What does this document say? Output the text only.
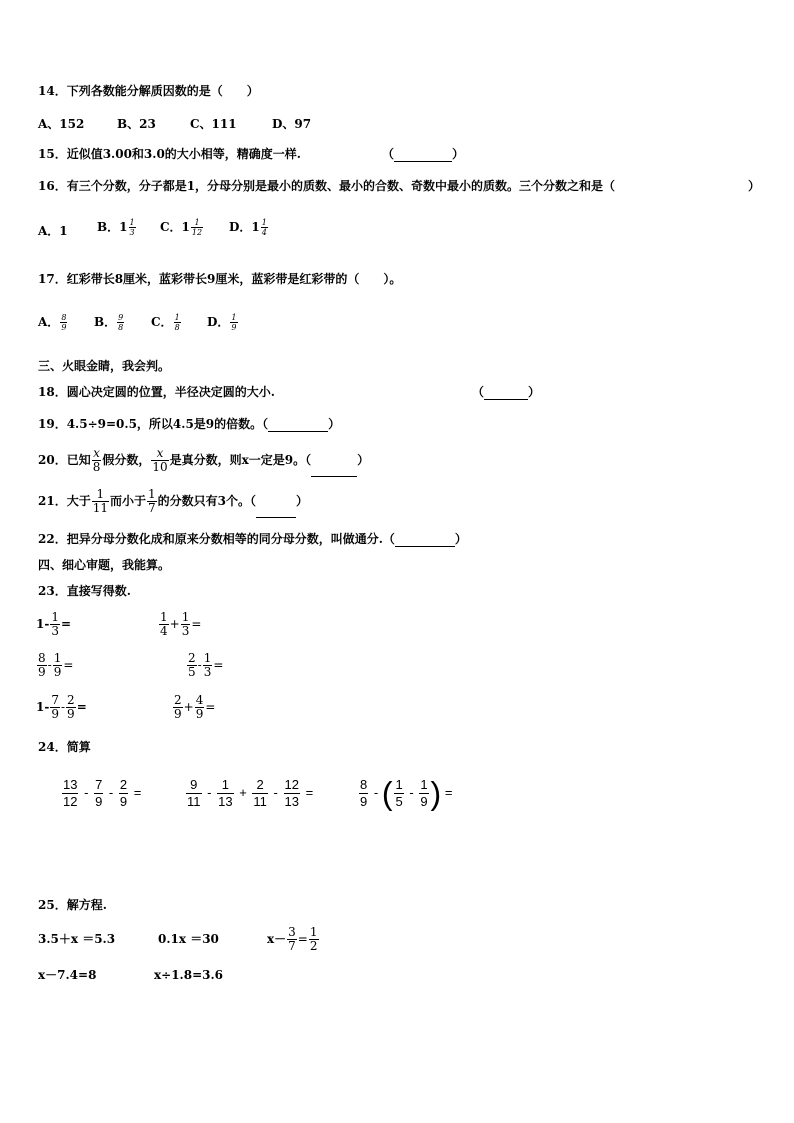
14．下列各数能分解质因数的是（　　）
A、152	B、23	C、111	D、97
15．近似值3.00和3.0的大小相等，精确度一样.	（	）
16．有三个分数，分子都是1，分母分别是最小的质数、最小的合数、奇数中最小的质数。三个分数之和是（	）
A．1 B．$1 \frac{1}{3}$ C．$1 \frac{1}{12}$ D．$1 \frac{1}{4}$
17．红彩带长8厘米，蓝彩带长9厘米，蓝彩带是红彩带的（　　）。
A． $\frac{8}{9}$ B． $\frac{9}{8}$ C． $\frac{1}{8}$ D． $\frac{1}{9}$
三、火眼金睛，我会判。
18．圆心决定圆的位置，半径决定圆的大小.	（	）
19．4.5÷9=0.5，所以4.5是9的倍数。（	）
20．已知 $\frac{x}{8}$ 假分数， $\frac{x}{10}$ 是真分数，则x一定是9。（	）
21．大于 $\frac{1}{11}$ 而小于 $\frac{1}{7}$ 的分数只有3个。（	）
22．把异分母分数化成和原来分数相等的同分母分数，叫做通分.（	）
四、细心审题，我能算。
23．直接写得数.
$1- \frac{1}{3}$ =	$\frac{1}{4} + \frac{1}{3}$ =
$\frac{8}{9} - \frac{1}{9}$ =	$\frac{2}{5} - \frac{1}{3}$ =
$1- \frac{7}{9} - \frac{2}{9}$ =	$\frac{2}{9} + \frac{4}{9}$ =
24．简算
$\frac{13}{12} - \frac{7}{9} - \frac{2}{9}$ =	$\frac{9}{11} - \frac{1}{13} + \frac{2}{11} - \frac{12}{13}$ =	$\frac{8}{9}$ - ( $\frac{1}{5} - \frac{1}{9}$ ) =
25．解方程.
3.5＋x ＝5.3	0.1x ＝30	$x- \frac{3}{7} = \frac{1}{2}$
x－7.4=8	x÷1.8=3.6
